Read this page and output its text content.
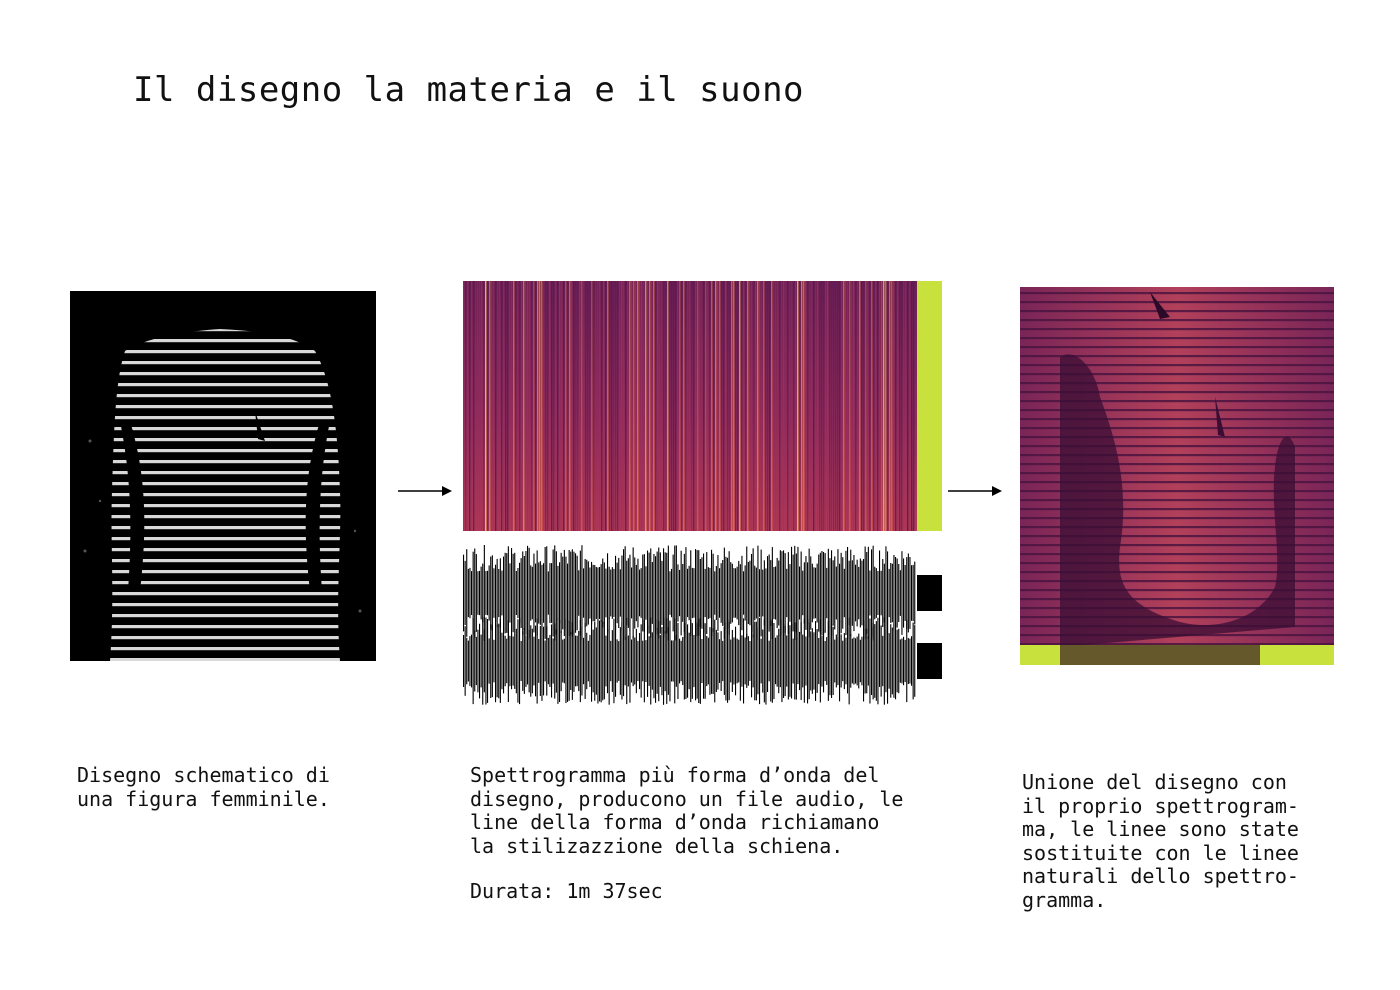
Il disegno la materia e il suono

Disegno schematico di
una figura femminile.

Spettrogramma più forma d’onda del
disegno, producono un file audio, le
line della forma d’onda richiamano
la stilizazzione della schiena.

Durata: 1m 37sec

Unione del disegno con
il proprio spettrogram-
ma, le linee sono state
sostituite con le linee
naturali dello spettro-
gramma.
